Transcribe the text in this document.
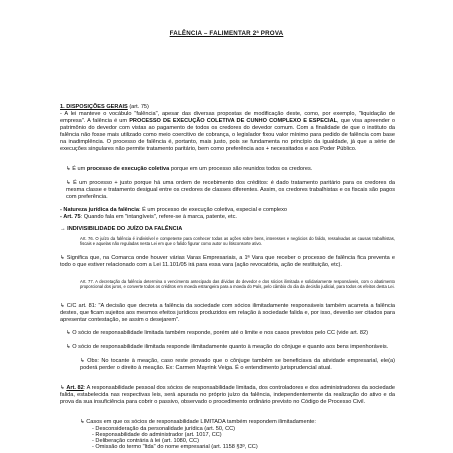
FALÊNCIA – FALIMENTAR 2ª PROVA
1. DISPOSIÇÕES GERAIS (art. 75)
- A lei manteve o vocábulo "falência", apesar das diversas propostas de modificação deste, como, por exemplo, "liquidação de empresa". A falência é um PROCESSO DE EXECUÇÃO COLETIVA DE CUNHO COMPLEXO E ESPECIAL, que visa apreender o patrimônio do devedor com vistas ao pagamento de todos os credores do devedor comum. Com a finalidade de que o instituto da falência não fosse mais utilizado como meio coercitivo de cobrança, o legislador fixou valor mínimo para pedido de falência com base na inadimplência. O processo de falência é, portanto, mais justo, pois se fundamenta no princípio da igualdade, já que a série de execuções singulares não permite tratamento paritário, bem como preferência aos + necessitados e aos Poder Público.
↳ É um processo de execução coletiva porque em um processo são reunidos todos os credores.
↳ É um processo + justo porque há uma ordem de recebimento dos créditos: é dado tratamento paritário para os credores da mesma classe e tratamento desigual entre os credores de classes diferentes. Assim, os credores trabalhistas e os fiscais são pagos com preferência.
- Natureza jurídica da falência: É um processo de execução coletiva, especial e complexo
- Art. 75: Quando fala em "intangíveis", refere-se à marca, patente, etc.
→ INDIVISIBILIDADE DO JUÍZO DA FALÊNCIA
Art. 76. O juízo da falência é indivisível e competente para conhecer todas as ações sobre bens, interesses e negócios do falido, ressalvadas as causas trabalhistas, fiscais e aquelas não reguladas nesta Lei em que o falido figurar como autor ou litisconsorte ativo.
↳ Significa que, na Comarca onde houver várias Varas Empresariais, a 1ª Vara que receber o processo de falência fica preventa e todo o que estiver relacionado com a Lei 11.101/05 irá para essa vara (ação revocatória, ação de restituição, etc).
Art. 77. A decretação da falência determina o vencimento antecipado das dívidas do devedor e dos sócios ilimitada e solidariamente responsáveis, com o abatimento proporcional dos juros, e converte todos os créditos em moeda estrangeira para a moeda do País, pelo câmbio do dia da decisão judicial, para todos os efeitos desta Lei.
↳ C/C art. 81: "A decisão que decreta a falência da sociedade com sócios ilimitadamente responsáveis também acarreta a falência destes, que ficam sujeitos aos mesmos efeitos jurídicos produzidos em relação à sociedade falida e, por isso, deverão ser citados para apresentar contestação, se assim o desejarem".
↳ O sócio de responsabilidade limitada também responde, porém até o limite e nos casos previstos pelo CC (vide art. 82)
↳ O sócio de responsabilidade ilimitada responde ilimitadamente quanto à meação do cônjuge e quanto aos bens impenhoráveis.
↳ Obs: No tocante à meação, caso reste provado que o cônjuge também se beneficiava da atividade empresarial, ele(a) poderá perder o direito à meação. Ex: Carmen Mayrink Veiga. É o entendimento jurisprudencial atual.
↳ Art. 82: A responsabilidade pessoal dos sócios de responsabilidade limitada, dos controladores e dos administradores da sociedade falida, estabelecida nas respectivas leis, será apurada no próprio juízo da falência, independentemente da realização do ativo e da prova da sua insuficiência para cobrir o passivo, observado o procedimento ordinário previsto no Código de Processo Civil.
↳ Casos em que os sócios de responsabilidade LIMITADA também respondem ilimitadamente:
- Desconsideração da personalidade jurídica (art. 50, CC)
- Responsabilidade do administrador (art. 1017, CC)
- Deliberação contrária à lei (art. 1080, CC)
- Omissão do termo "ltda" do nome empresarial (art. 1158 §3º, CC)
